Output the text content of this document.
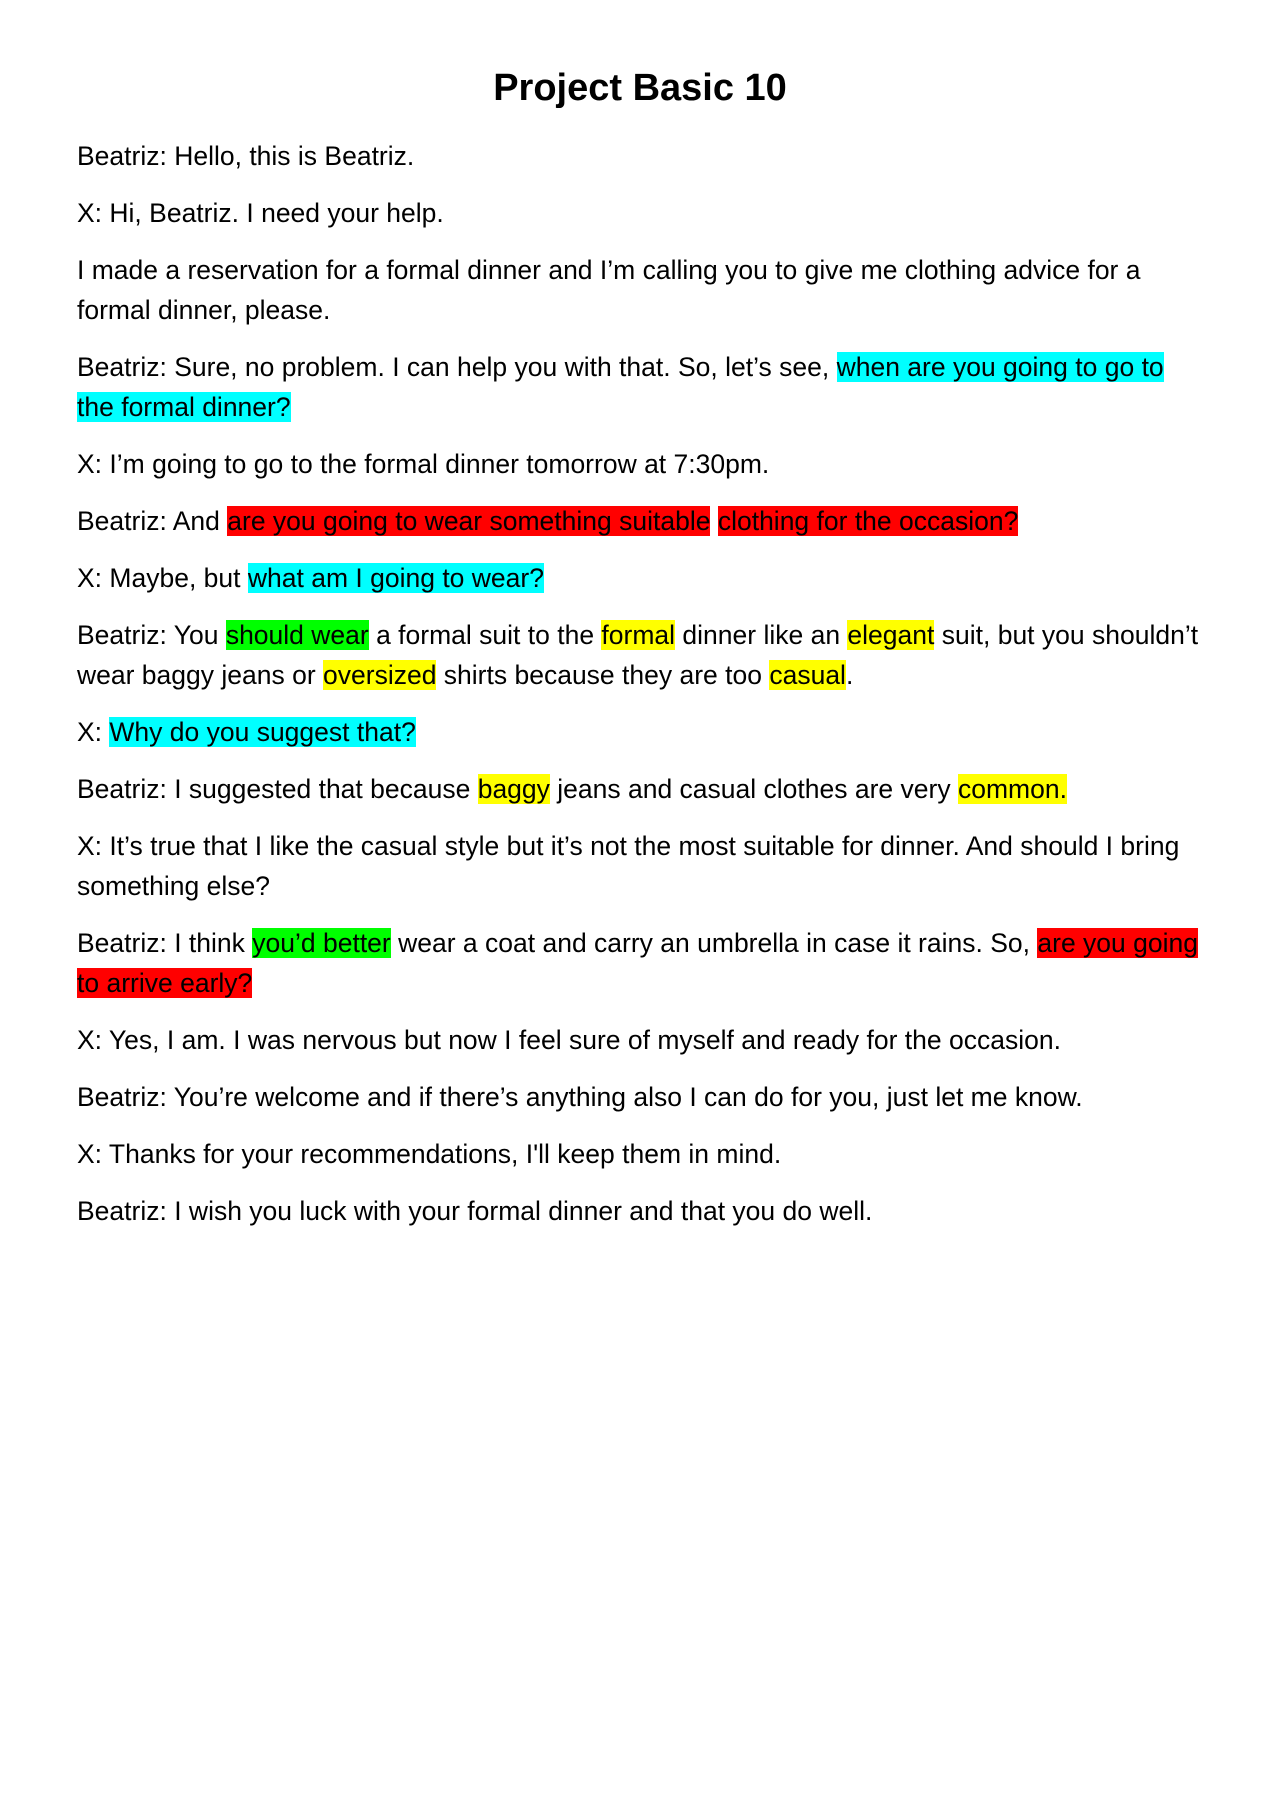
Project Basic 10

Beatriz: Hello, this is Beatriz.

X: Hi, Beatriz. I need your help.

I made a reservation for a formal dinner and I’m calling you to give me clothing advice for a formal dinner, please.

Beatriz: Sure, no problem. I can help you with that. So, let’s see, when are you going to go to the formal dinner?

X: I’m going to go to the formal dinner tomorrow at 7:30pm.

Beatriz: And are you going to wear something suitable clothing for the occasion?

X: Maybe, but what am I going to wear?

Beatriz: You should wear a formal suit to the formal dinner like an elegant suit, but you shouldn’t wear baggy jeans or oversized shirts because they are too casual.

X: Why do you suggest that?

Beatriz: I suggested that because baggy jeans and casual clothes are very common.

X: It’s true that I like the casual style but it’s not the most suitable for dinner. And should I bring something else?

Beatriz: I think you’d better wear a coat and carry an umbrella in case it rains. So, are you going to arrive early?

X: Yes, I am. I was nervous but now I feel sure of myself and ready for the occasion.

Beatriz: You’re welcome and if there’s anything also I can do for you, just let me know.

X: Thanks for your recommendations, I'll keep them in mind.

Beatriz: I wish you luck with your formal dinner and that you do well.
